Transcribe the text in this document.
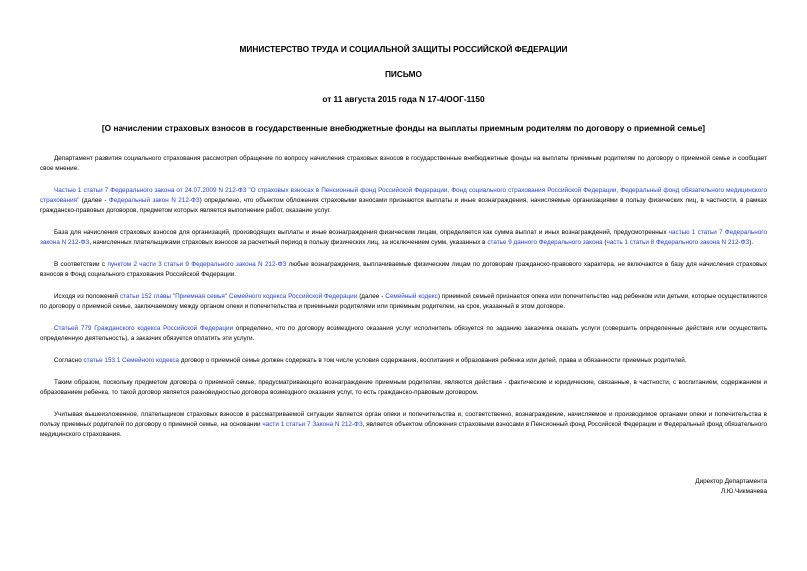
МИНИСТЕРСТВО ТРУДА И СОЦИАЛЬНОЙ ЗАЩИТЫ РОССИЙСКОЙ ФЕДЕРАЦИИ
ПИСЬМО
от 11 августа 2015 года N 17-4/ООГ-1150
[О начислении страховых взносов в государственные внебюджетные фонды на выплаты приемным родителям по договору о приемной семье]

Департамент развития социального страхования рассмотрел обращение по вопросу начисления страховых взносов в государственные внебюджетные фонды на выплаты приемным родителям по договору о приемной семье и сообщает свое мнение.

Частью 1 статьи 7 Федерального закона от 24.07.2009 N 212-ФЗ "О страховых взносах в Пенсионный фонд Российской Федерации, Фонд социального страхования Российской Федерации, Федеральный фонд обязательного медицинского страхования" (далее - Федеральный закон N 212-ФЗ) определено, что объектом обложения страховыми взносами признаются выплаты и иные вознаграждения, начисляемые организациями в пользу физических лиц, в частности, в рамках гражданско-правовых договоров, предметом которых является выполнение работ, оказание услуг.

База для начисления страховых взносов для организаций, производящих выплаты и иные вознаграждения физическим лицам, определяется как сумма выплат и иных вознаграждений, предусмотренных частью 1 статьи 7 Федерального закона N 212-ФЗ, начисленных плательщиками страховых взносов за расчетный период в пользу физических лиц, за исключением сумм, указанных в статье 9 данного Федерального закона (часть 1 статьи 8 Федерального закона N 212-ФЗ).

В соответствии с пунктом 2 части 3 статьи 9 Федерального закона N 212-ФЗ любые вознаграждения, выплачиваемые физическим лицам по договорам гражданско-правового характера, не включаются в базу для начисления страховых взносов в Фонд социального страхования Российской Федерации.

Исходя из положений статьи 152 главы "Приемная семья" Семейного кодекса Российской Федерации (далее - Семейный кодекс) приемной семьей признается опека или попечительство над ребенком или детьми, которые осуществляются по договору о приемной семье, заключаемому между органом опеки и попечительства и приемными родителями или приемным родителем, на срок, указанный в этом договоре.

Статьей 779 Гражданского кодекса Российской Федерации определено, что по договору возмездного оказания услуг исполнитель обязуется по заданию заказчика оказать услуги (совершить определенные действия или осуществить определенную деятельность), а заказчик обязуется оплатить эти услуги.

Согласно статье 153.1 Семейного кодекса договор о приемной семье должен содержать в том числе условия содержания, воспитания и образования ребенка или детей, права и обязанности приемных родителей.

Таким образом, поскольку предметом договора о приемной семье, предусматривающего вознаграждение приемным родителям, являются действия - фактические и юридические, связанные, в частности, с воспитанием, содержанием и образованием ребенка, то такой договор является разновидностью договора возмездного оказания услуг, то есть гражданско-правовым договором.

Учитывая вышеизложенное, плательщиком страховых взносов в рассматриваемой ситуации является орган опеки и попечительства и, соответственно, вознаграждение, начисляемое и производимое органами опеки и попечительства в пользу приемных родителей по договору о приемной семье, на основании части 1 статьи 7 Закона N 212-ФЗ, является объектом обложения страховыми взносами в Пенсионный фонд Российской Федерации и Федеральный фонд обязательного медицинского страхования.

Директор Департамента
Л.Ю.Чикмачева
